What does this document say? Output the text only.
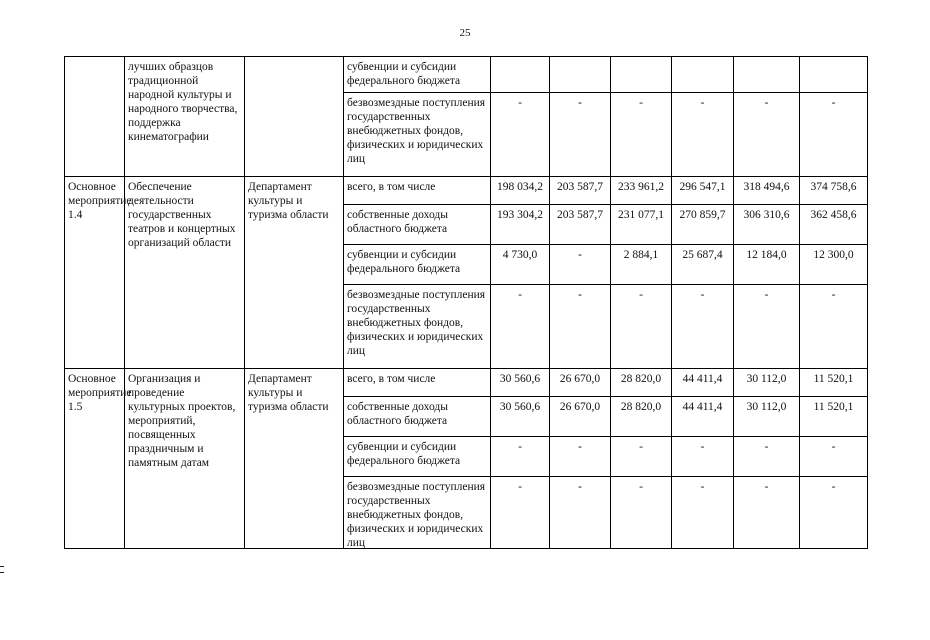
25
	лучших образцов традиционной народной культуры и народного творчества, поддержка кинематографии		субвенции и субсидии федерального бюджета						

			безвозмездные поступления государственных внебюджетных фондов, физических и юридических лиц	-	-	-	-	-	-
Основное мероприятие 1.4	Обеспечение деятельности государственных театров и концертных организаций области	Департамент культуры и туризма области	всего, в том числе	198 034,2	203 587,7	233 961,2	296 547,1	318 494,6	374 758,6

			собственные доходы областного бюджета	193 304,2	203 587,7	231 077,1	270 859,7	306 310,6	362 458,6

			субвенции и субсидии федерального бюджета	4 730,0	-	2 884,1	25 687,4	12 184,0	12 300,0

			безвозмездные поступления государственных внебюджетных фондов, физических и юридических лиц	-	-	-	-	-	-
Основное мероприятие 1.5	Организация и проведение культурных проектов, мероприятий, посвященных праздничным и памятным датам	Департамент культуры и туризма области	всего, в том числе	30 560,6	26 670,0	28 820,0	44 411,4	30 112,0	11 520,1

			собственные доходы областного бюджета	30 560,6	26 670,0	28 820,0	44 411,4	30 112,0	11 520,1

			субвенции и субсидии федерального бюджета	-	-	-	-	-	-

			безвозмездные поступления государственных внебюджетных фондов, физических и юридических лиц	-	-	-	-	-	-
